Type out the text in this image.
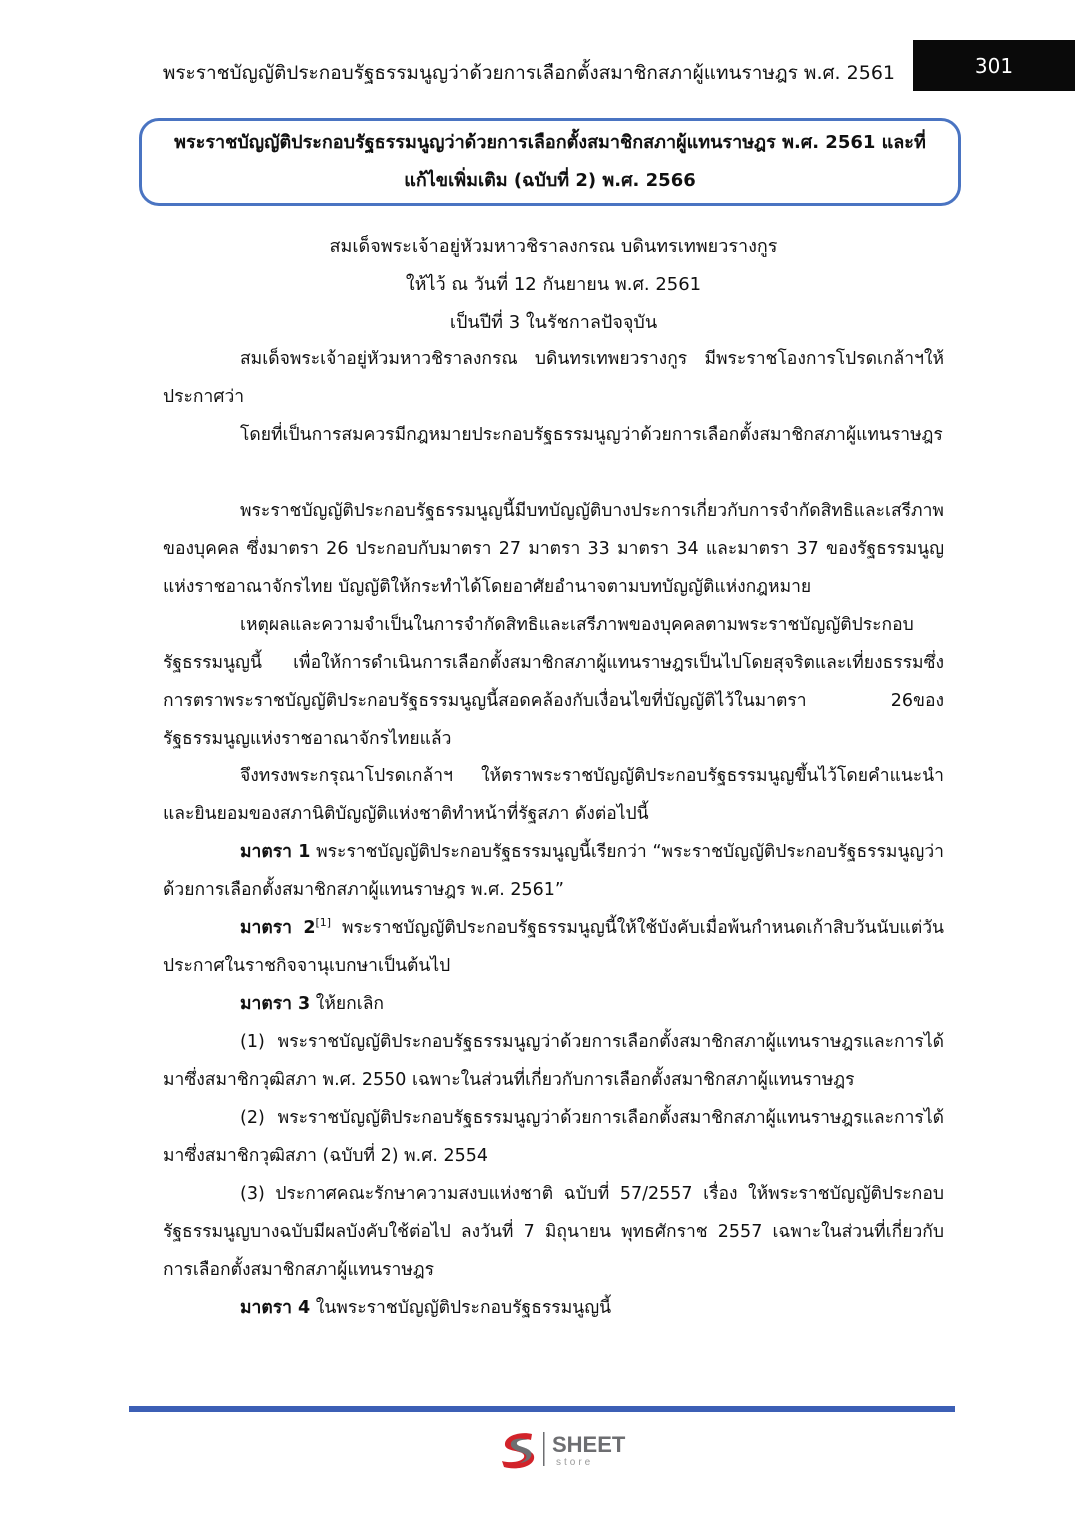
พระราชบัญญัติประกอบรัฐธรรมนูญว่าด้วยการเลือกตั้งสมาชิกสภาผู้แทนราษฎร พ.ศ. 2561	301
พระราชบัญญัติประกอบรัฐธรรมนูญว่าด้วยการเลือกตั้งสมาชิกสภาผู้แทนราษฎร พ.ศ. 2561 และที่
แก้ไขเพิ่มเติม (ฉบับที่ 2) พ.ศ. 2566
สมเด็จพระเจ้าอยู่หัวมหาวชิราลงกรณ บดินทรเทพยวรางกูร
ให้ไว้ ณ วันที่ 12 กันยายน พ.ศ. 2561
เป็นปีที่ 3 ในรัชกาลปัจจุบัน
สมเด็จพระเจ้าอยู่หัวมหาวชิราลงกรณ บดินทรเทพยวรางกูร มีพระราชโองการโปรดเกล้าฯให้ประกาศว่า
โดยที่เป็นการสมควรมีกฎหมายประกอบรัฐธรรมนูญว่าด้วยการเลือกตั้งสมาชิกสภาผู้แทนราษฎร
พระราชบัญญัติประกอบรัฐธรรมนูญนี้มีบทบัญญัติบางประการเกี่ยวกับการจำกัดสิทธิและเสรีภาพของบุคคล ซึ่งมาตรา 26 ประกอบกับมาตรา 27 มาตรา 33 มาตรา 34 และมาตรา 37 ของรัฐธรรมนูญแห่งราชอาณาจักรไทย บัญญัติให้กระทำได้โดยอาศัยอำนาจตามบทบัญญัติแห่งกฎหมาย
เหตุผลและความจำเป็นในการจำกัดสิทธิและเสรีภาพของบุคคลตามพระราชบัญญัติประกอบรัฐธรรมนูญนี้ เพื่อให้การดำเนินการเลือกตั้งสมาชิกสภาผู้แทนราษฎรเป็นไปโดยสุจริตและเที่ยงธรรมซึ่งการตราพระราชบัญญัติประกอบรัฐธรรมนูญนี้สอดคล้องกับเงื่อนไขที่บัญญัติไว้ในมาตรา 26ของรัฐธรรมนูญแห่งราชอาณาจักรไทยแล้ว
จึงทรงพระกรุณาโปรดเกล้าฯ ให้ตราพระราชบัญญัติประกอบรัฐธรรมนูญขึ้นไว้โดยคำแนะนำและยินยอมของสภานิติบัญญัติแห่งชาติทำหน้าที่รัฐสภา ดังต่อไปนี้
มาตรา 1 พระราชบัญญัติประกอบรัฐธรรมนูญนี้เรียกว่า “พระราชบัญญัติประกอบรัฐธรรมนูญว่าด้วยการเลือกตั้งสมาชิกสภาผู้แทนราษฎร พ.ศ. 2561”
มาตรา 2[1] พระราชบัญญัติประกอบรัฐธรรมนูญนี้ให้ใช้บังคับเมื่อพ้นกำหนดเก้าสิบวันนับแต่วันประกาศในราชกิจจานุเบกษาเป็นต้นไป
มาตรา 3 ให้ยกเลิก
(1) พระราชบัญญัติประกอบรัฐธรรมนูญว่าด้วยการเลือกตั้งสมาชิกสภาผู้แทนราษฎรและการได้มาซึ่งสมาชิกวุฒิสภา พ.ศ. 2550 เฉพาะในส่วนที่เกี่ยวกับการเลือกตั้งสมาชิกสภาผู้แทนราษฎร
(2) พระราชบัญญัติประกอบรัฐธรรมนูญว่าด้วยการเลือกตั้งสมาชิกสภาผู้แทนราษฎรและการได้มาซึ่งสมาชิกวุฒิสภา (ฉบับที่ 2) พ.ศ. 2554
(3) ประกาศคณะรักษาความสงบแห่งชาติ ฉบับที่ 57/2557 เรื่อง ให้พระราชบัญญัติประกอบรัฐธรรมนูญบางฉบับมีผลบังคับใช้ต่อไป ลงวันที่ 7 มิถุนายน พุทธศักราช 2557 เฉพาะในส่วนที่เกี่ยวกับการเลือกตั้งสมาชิกสภาผู้แทนราษฎร
มาตรา 4 ในพระราชบัญญัติประกอบรัฐธรรมนูญนี้
SHEET
store
